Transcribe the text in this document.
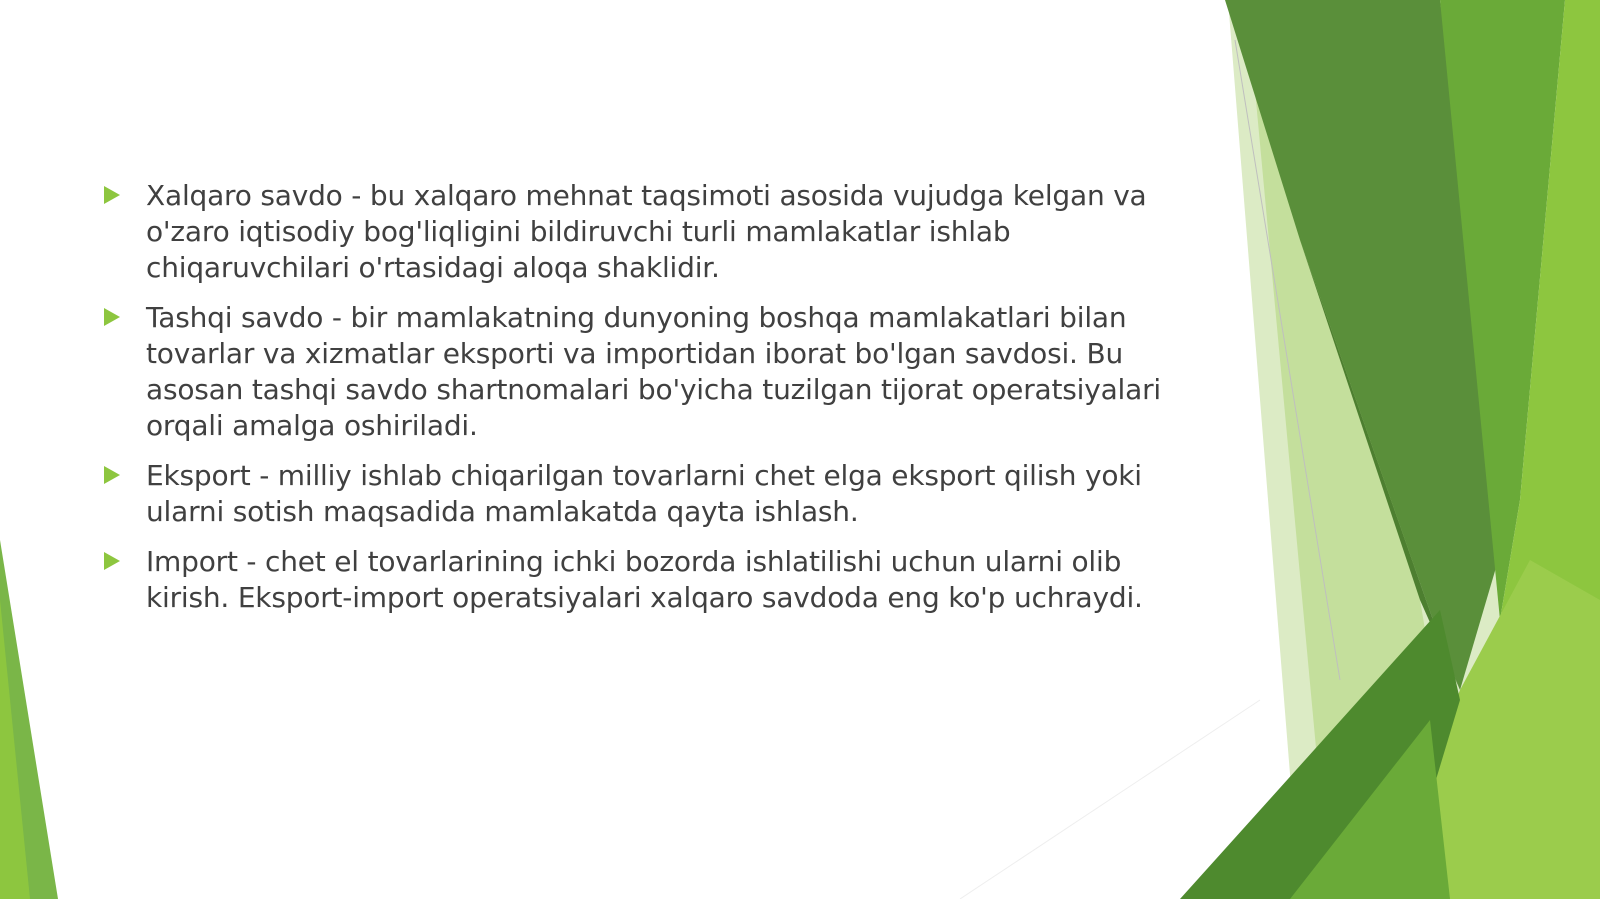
Xalqaro savdo - bu xalqaro mehnat taqsimoti asosida vujudga kelgan va o'zaro iqtisodiy bog'liqligini bildiruvchi turli mamlakatlar ishlab chiqaruvchilari o'rtasidagi aloqa shaklidir.
Tashqi savdo - bir mamlakatning dunyoning boshqa mamlakatlari bilan tovarlar va xizmatlar eksporti va importidan iborat bo'lgan savdosi. Bu asosan tashqi savdo shartnomalari bo'yicha tuzilgan tijorat operatsiyalari orqali amalga oshiriladi.
Eksport - milliy ishlab chiqarilgan tovarlarni chet elga eksport qilish yoki ularni sotish maqsadida mamlakatda qayta ishlash.
Import - chet el tovarlarining ichki bozorda ishlatilishi uchun ularni olib kirish. Eksport-import operatsiyalari xalqaro savdoda eng ko'p uchraydi.
